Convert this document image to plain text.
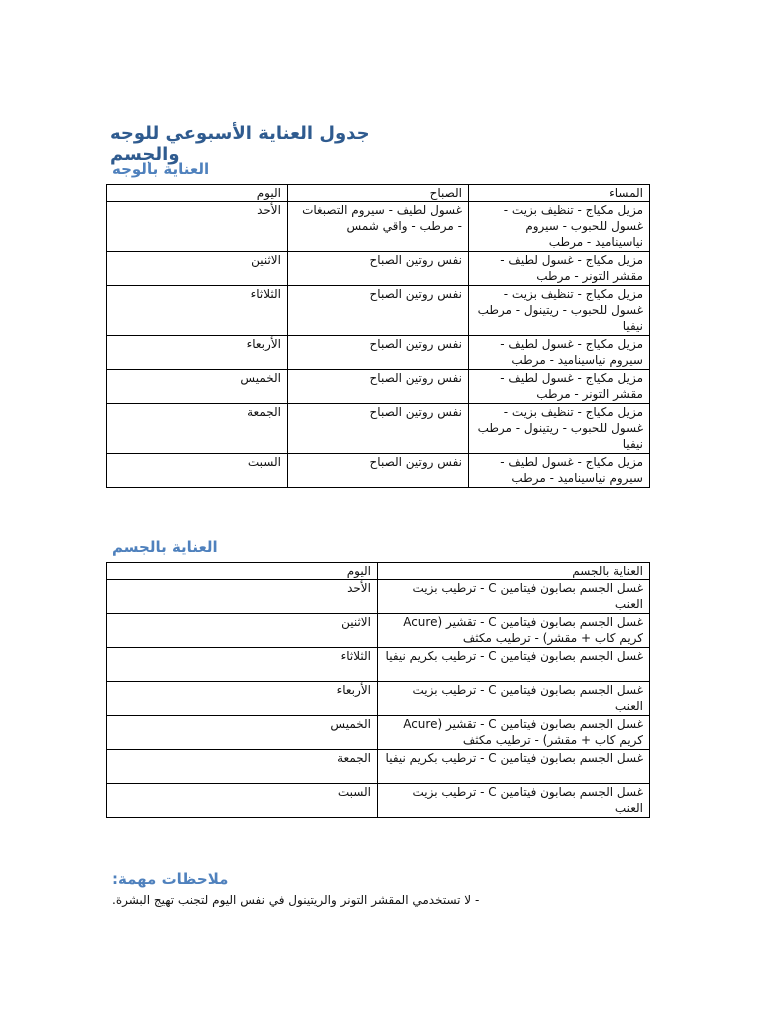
جدول العناية الأسبوعي للوجه والجسم
العناية بالوجه
اليوم	الصباح	المساء
الأحد	غسول لطيف - سيروم التصبغات - مرطب - واقي شمس	مزيل مكياج - تنظيف بزيت - غسول للحبوب - سيروم نياسيناميد - مرطب
الاثنين	نفس روتين الصباح	مزيل مكياج - غسول لطيف - مقشر التونر - مرطب
الثلاثاء	نفس روتين الصباح	مزيل مكياج - تنظيف بزيت - غسول للحبوب - ريتينول - مرطب نيفيا
الأربعاء	نفس روتين الصباح	مزيل مكياج - غسول لطيف - سيروم نياسيناميد - مرطب
الخميس	نفس روتين الصباح	مزيل مكياج - غسول لطيف - مقشر التونر - مرطب
الجمعة	نفس روتين الصباح	مزيل مكياج - تنظيف بزيت - غسول للحبوب - ريتينول - مرطب نيفيا
السبت	نفس روتين الصباح	مزيل مكياج - غسول لطيف - سيروم نياسيناميد - مرطب
العناية بالجسم
اليوم	العناية بالجسم
الأحد	غسل الجسم بصابون فيتامين C - ترطيب بزيت العنب
الاثنين	غسل الجسم بصابون فيتامين C - تقشير (Acure كريم كاب + مقشر) - ترطيب مكثف
الثلاثاء	غسل الجسم بصابون فيتامين C - ترطيب بكريم نيفيا
الأربعاء	غسل الجسم بصابون فيتامين C - ترطيب بزيت العنب
الخميس	غسل الجسم بصابون فيتامين C - تقشير (Acure كريم كاب + مقشر) - ترطيب مكثف
الجمعة	غسل الجسم بصابون فيتامين C - ترطيب بكريم نيفيا
السبت	غسل الجسم بصابون فيتامين C - ترطيب بزيت العنب
ملاحظات مهمة:
- لا تستخدمي المقشر التونر والريتينول في نفس اليوم لتجنب تهيج البشرة.
